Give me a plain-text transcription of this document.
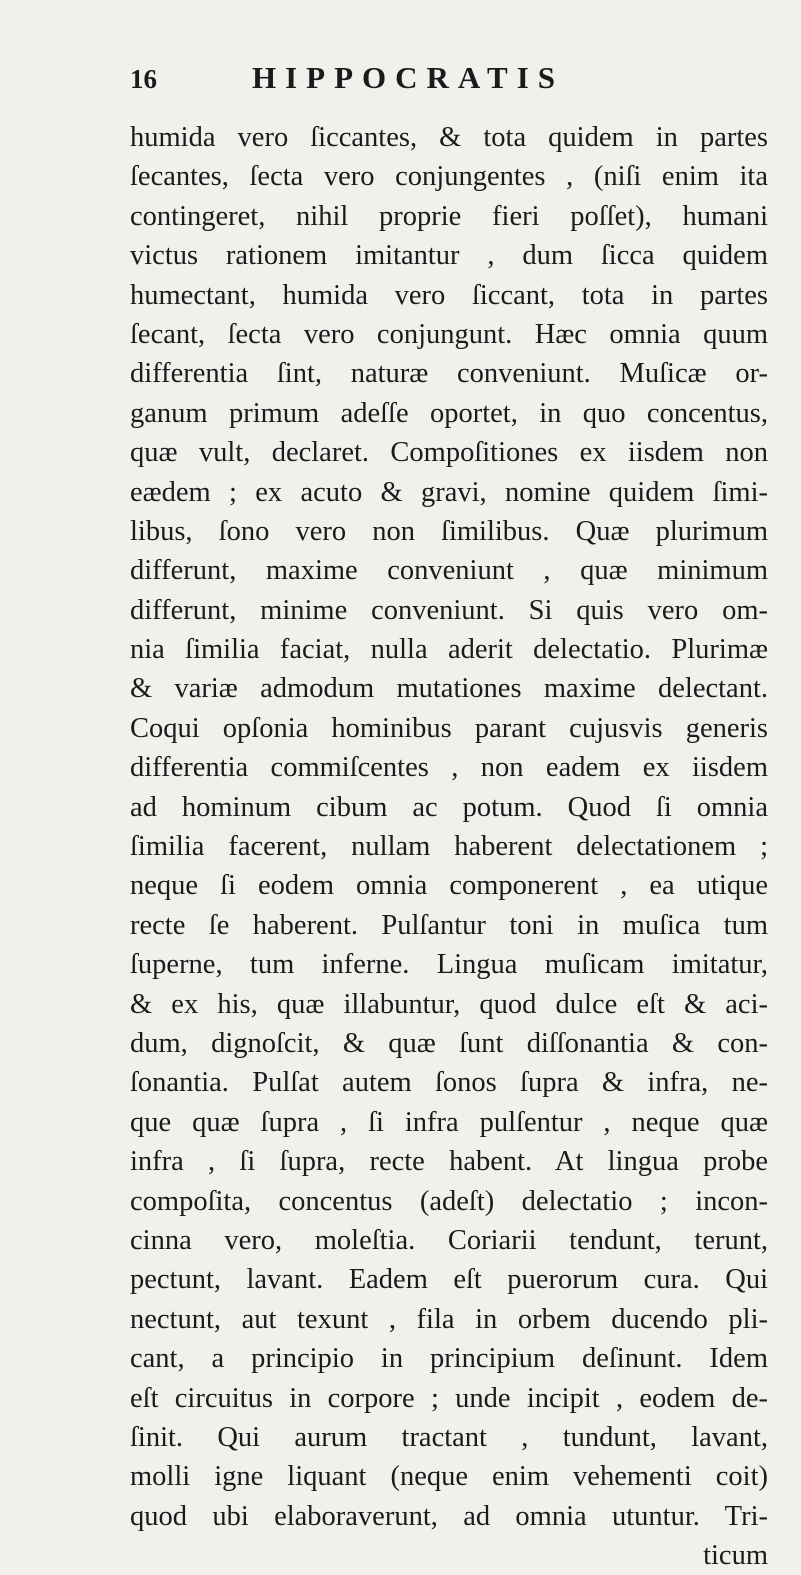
16	HIPPOCRATIS
humida vero ſiccantes, & tota quidem in partes
ſecantes, ſecta vero conjungentes , (niſi enim ita
contingeret, nihil proprie fieri poſſet), humani
victus rationem imitantur , dum ſicca quidem
humectant, humida vero ſiccant, tota in partes
ſecant, ſecta vero conjungunt. Hæc omnia quum
differentia ſint, naturæ conveniunt. Muſicæ or-
ganum primum adeſſe oportet, in quo concentus,
quæ vult, declaret. Compoſitiones ex iisdem non
eædem ; ex acuto & gravi, nomine quidem ſimi-
libus, ſono vero non ſimilibus. Quæ plurimum
differunt, maxime conveniunt , quæ minimum
differunt, minime conveniunt. Si quis vero om-
nia ſimilia faciat, nulla aderit delectatio. Plurimæ
& variæ admodum mutationes maxime delectant.
Coqui opſonia hominibus parant cujusvis generis
differentia commiſcentes , non eadem ex iisdem
ad hominum cibum ac potum. Quod ſi omnia
ſimilia facerent, nullam haberent delectationem ;
neque ſi eodem omnia componerent , ea utique
recte ſe haberent. Pulſantur toni in muſica tum
ſuperne, tum inferne. Lingua muſicam imitatur,
& ex his, quæ illabuntur, quod dulce eſt & aci-
dum, dignoſcit, & quæ ſunt diſſonantia & con-
ſonantia. Pulſat autem ſonos ſupra & infra, ne-
que quæ ſupra , ſi infra pulſentur , neque quæ
infra , ſi ſupra, recte habent. At lingua probe
compoſita, concentus (adeſt) delectatio ; incon-
cinna vero, moleſtia. Coriarii tendunt, terunt,
pectunt, lavant. Eadem eſt puerorum cura. Qui
nectunt, aut texunt , fila in orbem ducendo pli-
cant, a principio in principium deſinunt. Idem
eſt circuitus in corpore ; unde incipit , eodem de-
ſinit. Qui aurum tractant , tundunt, lavant,
molli igne liquant (neque enim vehementi coit)
quod ubi elaboraverunt, ad omnia utuntur. Tri-
ticum
